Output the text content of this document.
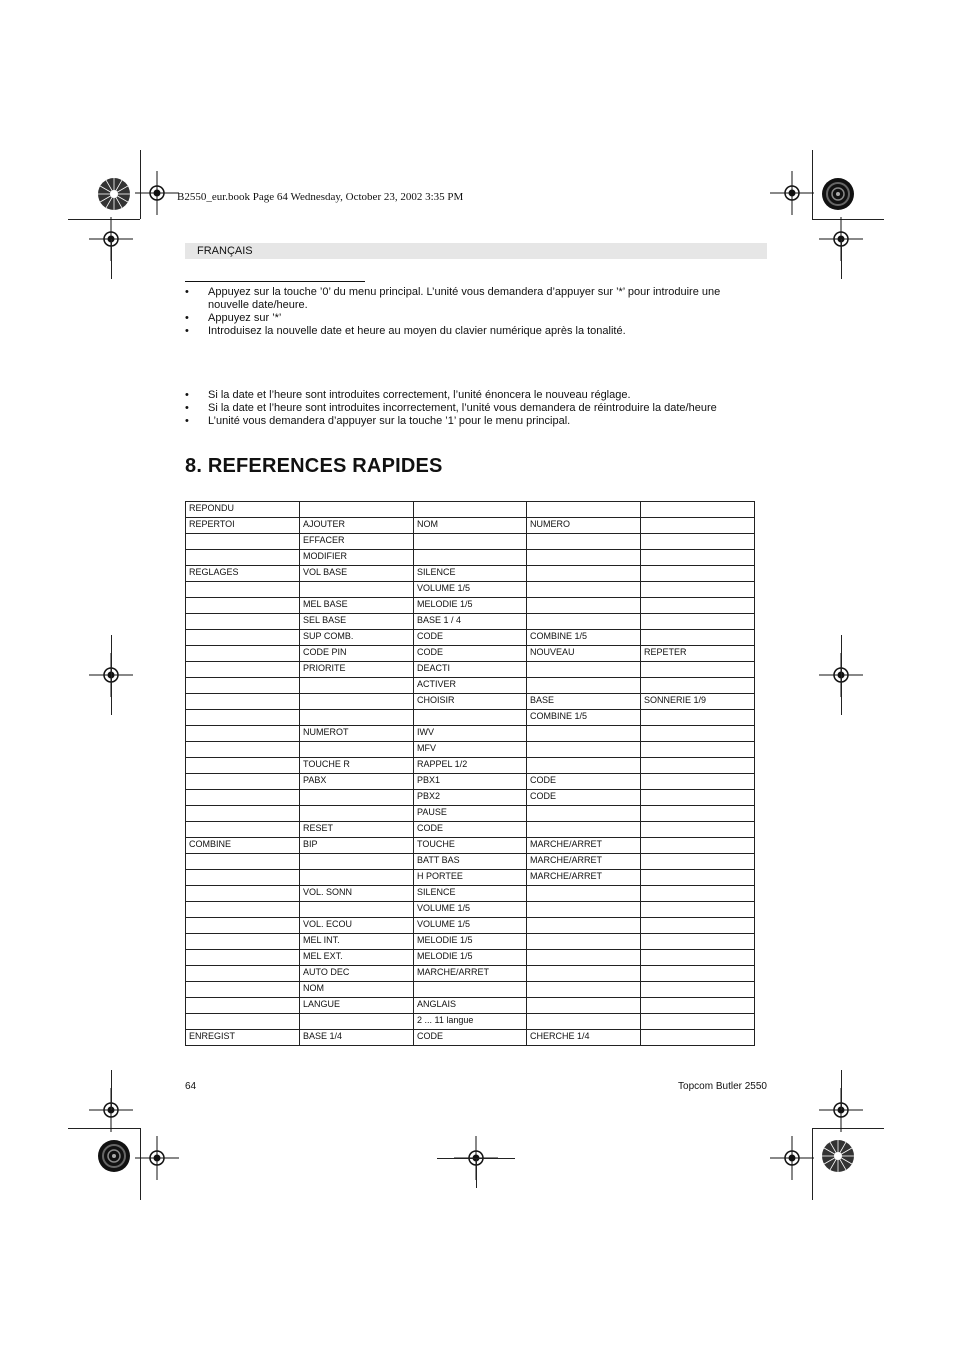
B2550_eur.book Page 64 Wednesday, October 23, 2002 3:35 PM
FRANÇAIS
• Appuyez sur la touche ’0’ du menu principal. L’unité vous demandera d’appuyer sur ’*’ pour introduire une nouvelle date/heure.
• Appuyez sur ’*’
• Introduisez la nouvelle date et heure au moyen du clavier numérique après la tonalité.
• Si la date et l’heure sont introduites correctement, l’unité énoncera le nouveau réglage.
• Si la date et l’heure sont introduites incorrectement, l’unité vous demandera de réintroduire la date/heure
• L’unité vous demandera d’appuyer sur la touche ’1’ pour le menu principal.
8. REFERENCES RAPIDES
REPONDU				
REPERTOI	AJOUTER	NOM	NUMERO	
	EFFACER			
	MODIFIER			
REGLAGES	VOL BASE	SILENCE		
		VOLUME 1/5		
	MEL BASE	MELODIE 1/5		
	SEL BASE	BASE 1 / 4		
	SUP COMB.	CODE	COMBINE 1/5	
	CODE PIN	CODE	NOUVEAU	REPETER
	PRIORITE	DEACTI		
		ACTIVER		
		CHOISIR	BASE	SONNERIE 1/9
			COMBINE 1/5	
	NUMEROT	IWV		
		MFV		
	TOUCHE R	RAPPEL 1/2		
	PABX	PBX1	CODE	
		PBX2	CODE	
		PAUSE		
	RESET	CODE		
COMBINE	BIP	TOUCHE	MARCHE/ARRET	
		BATT BAS	MARCHE/ARRET	
		H PORTEE	MARCHE/ARRET	
	VOL. SONN	SILENCE		
		VOLUME 1/5		
	VOL. ECOU	VOLUME 1/5		
	MEL INT.	MELODIE 1/5		
	MEL EXT.	MELODIE 1/5		
	AUTO DEC	MARCHE/ARRET		
	NOM			
	LANGUE	ANGLAIS		
		2 ... 11 langue		
ENREGIST	BASE 1/4	CODE	CHERCHE 1/4	
64	Topcom Butler 2550
